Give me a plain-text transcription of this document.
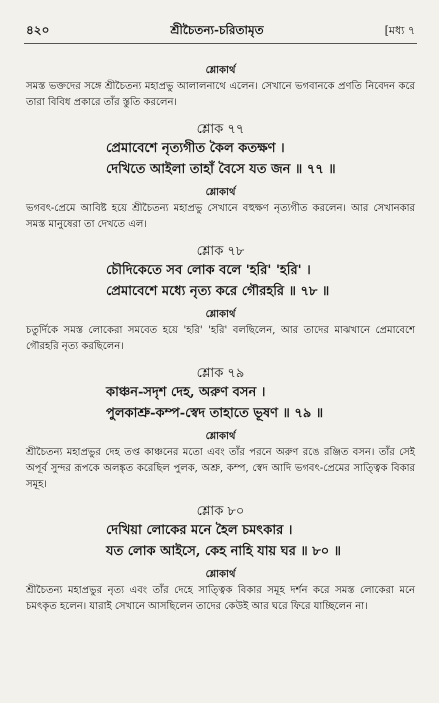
৪২০	শ্রীচৈতন্য-চরিতামৃত	[মধ্য ৭
শ্লোকার্থ
সমস্ত ভক্তদের সঙ্গে শ্রীচৈতন্য মহাপ্রভু আলালনাথে এলেন। সেখানে ভগবানকে প্রণতি নিবেদন করে তারা বিবিধ প্রকারে তাঁর স্তুতি করলেন।
শ্লোক ৭৭
প্রেমাবেশে নৃত্যগীত কৈল কতক্ষণ ।
দেখিতে আইলা তাহাঁ বৈসে যত জন ॥ ৭৭ ॥
শ্লোকার্থ
ভগবৎ-প্রেমে আবিষ্ট হয়ে শ্রীচৈতন্য মহাপ্রভু সেখানে বহুক্ষণ নৃত্যগীত করলেন। আর সেখানকার সমস্ত মানুষেরা তা দেখতে এল।
শ্লোক ৭৮
চৌদিকেতে সব লোক বলে 'হরি' 'হরি' ।
প্রেমাবেশে মধ্যে নৃত্য করে গৌরহরি ॥ ৭৮ ॥
শ্লোকার্থ
চতুর্দিকে সমস্ত লোকেরা সমবেত হয়ে 'হরি' 'হরি' বলছিলেন, আর তাদের মাঝখানে প্রেমাবেশে গৌরহরি নৃত্য করছিলেন।
শ্লোক ৭৯
কাঞ্চন-সদৃশ দেহ, অরুণ বসন ।
পুলকাশ্রু-কম্প-স্বেদ তাহাতে ভূষণ ॥ ৭৯ ॥
শ্লোকার্থ
শ্রীচৈতন্য মহাপ্রভুর দেহ তপ্ত কাঞ্চনের মতো এবং তাঁর পরনে অরুণ রঙে রঞ্জিত বসন। তাঁর সেই অপূর্ব সুন্দর রূপকে অলঙ্কৃত করেছিল পুলক, অশ্রু, কম্প, স্বেদ আদি ভগবৎ-প্রেমের সাত্ত্বিক বিকার সমূহ।
শ্লোক ৮০
দেখিয়া লোকের মনে হৈল চমৎকার ।
যত লোক আইসে, কেহ নাহি যায় ঘর ॥ ৮০ ॥
শ্লোকার্থ
শ্রীচৈতন্য মহাপ্রভুর নৃত্য এবং তাঁর দেহে সাত্ত্বিক বিকার সমূহ দর্শন করে সমস্ত লোকেরা মনে চমৎকৃত হলেন। যারাই সেখানে আসছিলেন তাদের কেউই আর ঘরে ফিরে যাচ্ছিলেন না।
